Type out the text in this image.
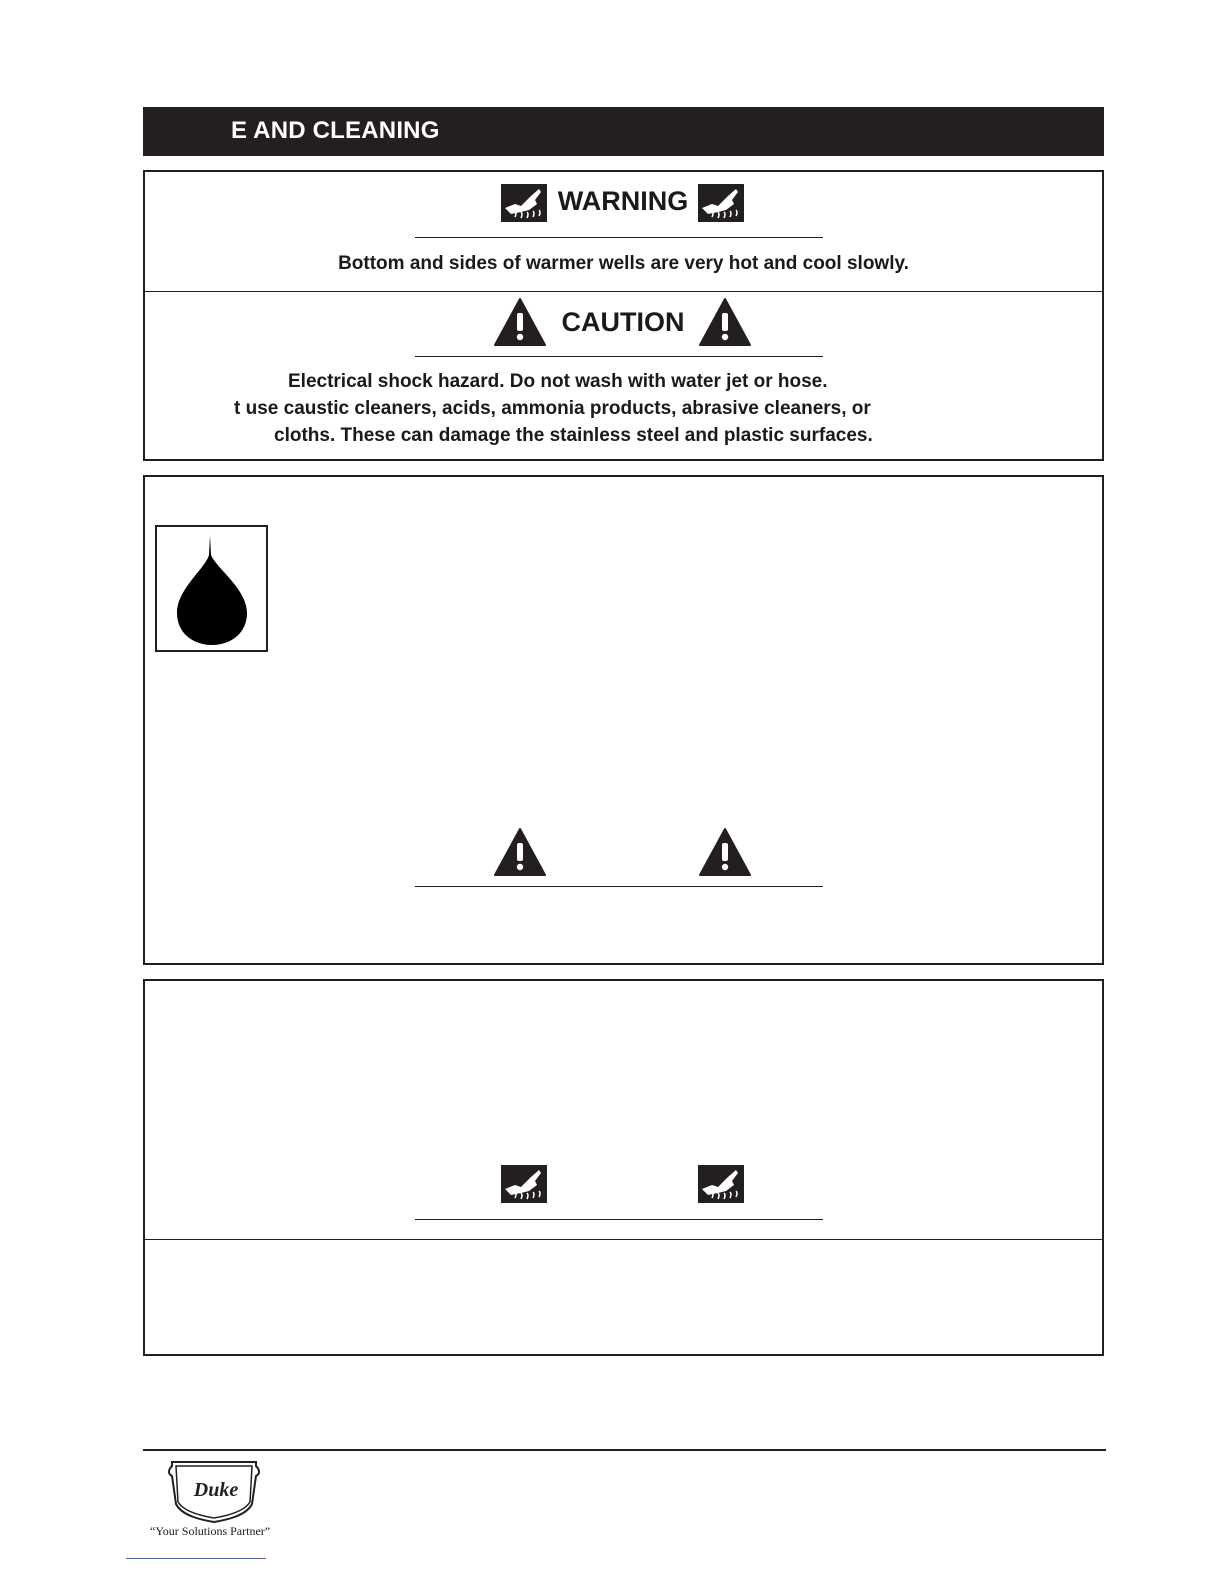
E AND CLEANING
WARNING
Bottom and sides of warmer wells are very hot and cool slowly.
CAUTION
Electrical shock hazard. Do not wash with water jet or hose.
t use caustic cleaners, acids, ammonia products, abrasive cleaners, or
cloths. These can damage the stainless steel and plastic surfaces.
Duke
“Your Solutions Partner”
